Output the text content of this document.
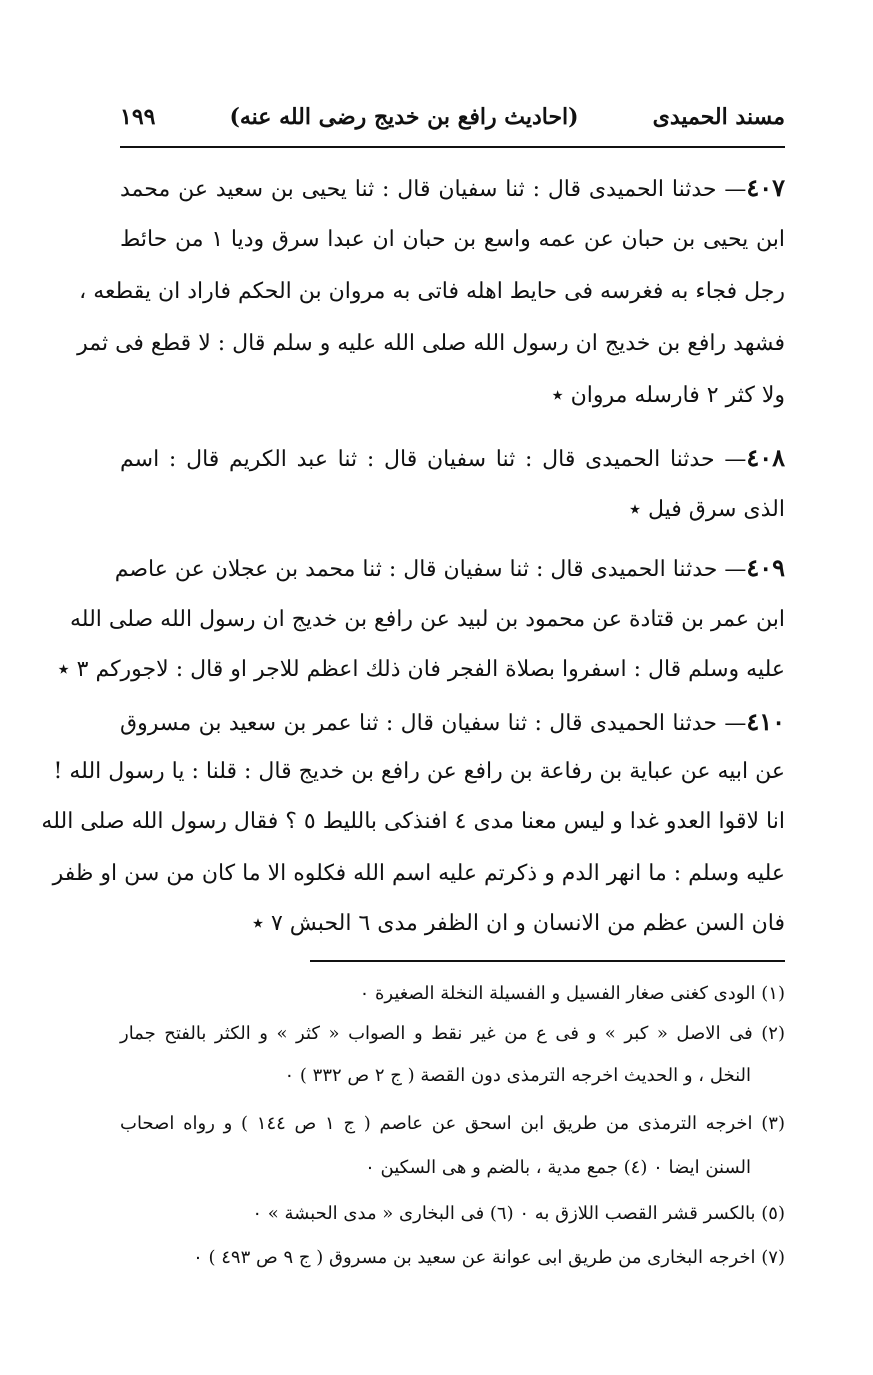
مسند الحميدى
(احاديث رافع بن خديج رضى الله عنه)
١٩٩
٤٠٧— حدثنا الحميدى قال : ثنا سفيان قال : ثنا يحيى بن سعيد عن محمد
ابن يحيى بن حبان عن عمه واسع بن حبان ان عبدا سرق وديا ١ من حائط
رجل فجاء به فغرسه فى حايط اهله فاتى به مروان بن الحكم فاراد ان يقطعه ،
فشهد رافع بن خديج ان رسول الله صلى الله عليه و سلم قال : لا قطع فى ثمر
ولا كثر ٢ فارسله مروان ٭
٤٠٨— حدثنا الحميدى قال : ثنا سفيان قال : ثنا عبد الكريم قال : اسم
الذى سرق فيل ٭
٤٠٩— حدثنا الحميدى قال : ثنا سفيان قال : ثنا محمد بن عجلان عن عاصم
ابن عمر بن قتادة عن محمود بن لبيد عن رافع بن خديج ان رسول الله صلى الله
عليه وسلم قال : اسفروا بصلاة الفجر فان ذلك اعظم للاجر او قال : لاجوركم ٣ ٭
٤١٠— حدثنا الحميدى قال : ثنا سفيان قال : ثنا عمر بن سعيد بن مسروق
عن ابيه عن عباية بن رفاعة بن رافع عن رافع بن خديج قال : قلنا : يا رسول الله !
انا لاقوا العدو غدا و ليس معنا مدى ٤ افنذكى بالليط ٥ ؟ فقال رسول الله صلى الله
عليه وسلم : ما انهر الدم و ذكرتم عليه اسم الله فكلوه الا ما كان من سن او ظفر
فان السن عظم من الانسان و ان الظفر مدى ٦ الحبش ٧ ٭
(١) الودى كغنى صغار الفسيل و الفسيلة النخلة الصغيرة ٠
(٢) فى الاصل « كبر » و فى ع من غير نقط و الصواب « كثر » و الكثر بالفتح جمار
النخل ، و الحديث اخرجه الترمذى دون القصة ( ج ٢ ص ٣٣٢ ) ٠
(٣) اخرجه الترمذى من طريق ابن اسحق عن عاصم ( ج ١ ص ١٤٤ ) و رواه اصحاب
السنن ايضا ٠ (٤) جمع مدية ، بالضم و هى السكين ٠
(٥) بالكسر قشر القصب اللازق به ٠ (٦) فى البخارى « مدى الحبشة » ٠
(٧) اخرجه البخارى من طريق ابى عوانة عن سعيد بن مسروق ( ج ٩ ص ٤٩٣ ) ٠
